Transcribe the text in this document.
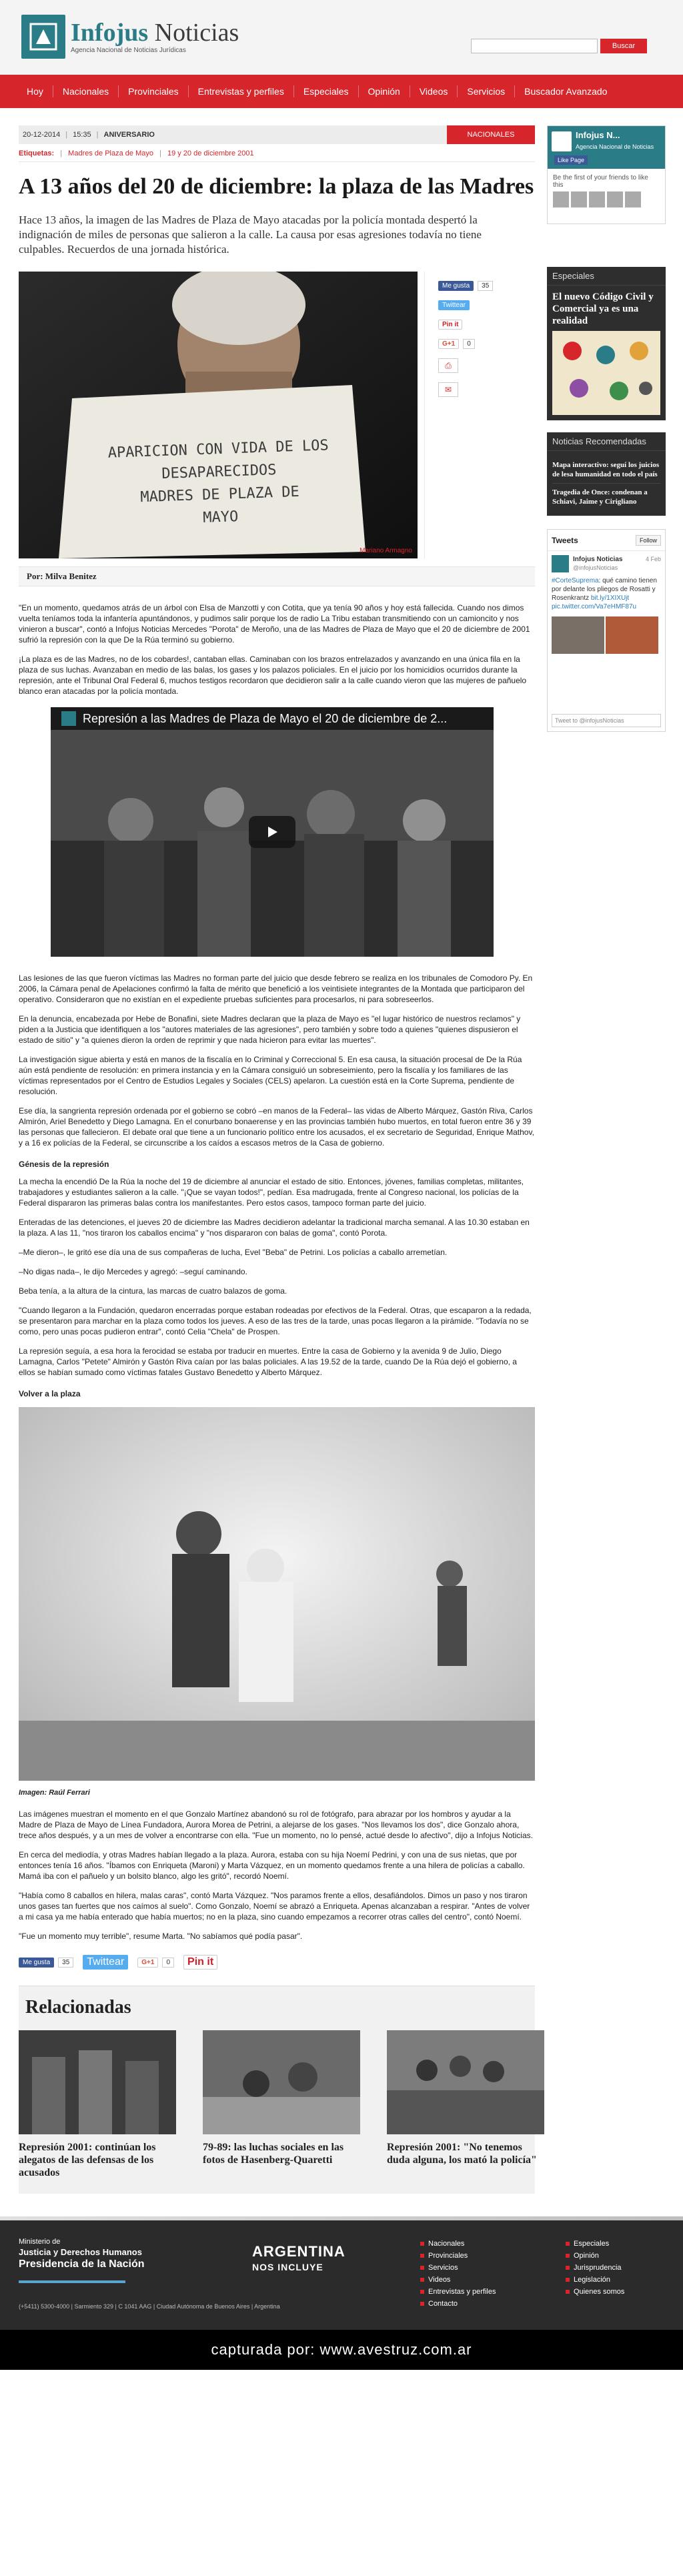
Infojus Noticias
Agencia Nacional de Noticias Jurídicas	Buscar
Hoy	Nacionales	Provinciales	Entrevistas y perfiles	Especiales	Opinión	Videos	Servicios	Buscador Avanzado
20-12-2014 | 15:35 | ANIVERSARIO	NACIONALES
Etiquetas: | Madres de Plaza de Mayo | 19 y 20 de diciembre 2001
A 13 años del 20 de diciembre: la plaza de las Madres

Hace 13 años, la imagen de las Madres de Plaza de Mayo atacadas por la policía montada despertó la indignación de miles de personas que salieron a la calle. La causa por esas agresiones todavía no tiene culpables. Recuerdos de una jornada histórica.

APARICION CON VIDA DE LOS
DESAPARECIDOS
MADRES DE PLAZA DE
MAYO
Mariano Armagno
Me gusta	35
Twittear
Pin it
G+1	0
⎙
✉
Por: Milva Benitez

"En un momento, quedamos atrás de un árbol con Elsa de Manzotti y con Cotita, que ya tenía 90 años y hoy está fallecida. Cuando nos dimos vuelta teníamos toda la infantería apuntándonos, y pudimos salir porque los de radio La Tribu estaban transmitiendo con un camioncito y nos vinieron a buscar", contó a Infojus Noticias Mercedes "Porota" de Meroño, una de las Madres de Plaza de Mayo que el 20 de diciembre de 2001 sufrió la represión con la que De la Rúa terminó su gobierno.

¡La plaza es de las Madres, no de los cobardes!, cantaban ellas. Caminaban con los brazos entrelazados y avanzando en una única fila en la plaza de sus luchas. Avanzaban en medio de las balas, los gases y los palazos policiales. En el juicio por los homicidios ocurridos durante la represión, ante el Tribunal Oral Federal 6, muchos testigos recordaron que decidieron salir a la calle cuando vieron que las mujeres de pañuelo blanco eran atacadas por la policía montada.

Represión a las Madres de Plaza de Mayo el 20 de diciembre de 2...

Las lesiones de las que fueron víctimas las Madres no forman parte del juicio que desde febrero se realiza en los tribunales de Comodoro Py. En 2006, la Cámara penal de Apelaciones confirmó la falta de mérito que benefició a los veintisiete integrantes de la Montada que participaron del operativo. Consideraron que no existían en el expediente pruebas suficientes para procesarlos, ni para sobreseerlos.

En la denuncia, encabezada por Hebe de Bonafini, siete Madres declaran que la plaza de Mayo es "el lugar histórico de nuestros reclamos" y piden a la Justicia que identifiquen a los "autores materiales de las agresiones", pero también y sobre todo a quienes "quienes dispusieron el estado de sitio" y "a quienes dieron la orden de reprimir y que nada hicieron para evitar las muertes".

La investigación sigue abierta y está en manos de la fiscalía en lo Criminal y Correccional 5. En esa causa, la situación procesal de De la Rúa aún está pendiente de resolución: en primera instancia y en la Cámara consiguió un sobreseimiento, pero la fiscalía y los familiares de las víctimas representados por el Centro de Estudios Legales y Sociales (CELS) apelaron. La cuestión está en la Corte Suprema, pendiente de resolución.

Ese día, la sangrienta represión ordenada por el gobierno se cobró –en manos de la Federal– las vidas de Alberto Márquez, Gastón Riva, Carlos Almirón, Ariel Benedetto y Diego Lamagna. En el conurbano bonaerense y en las provincias también hubo muertos, en total fueron entre 36 y 39 las personas que fallecieron. El debate oral que tiene a un funcionario político entre los acusados, el ex secretario de Seguridad, Enrique Mathov, y a 16 ex policías de la Federal, se circunscribe a los caídos a escasos metros de la Casa de gobierno.

Génesis de la represión

La mecha la encendió De la Rúa la noche del 19 de diciembre al anunciar el estado de sitio. Entonces, jóvenes, familias completas, militantes, trabajadores y estudiantes salieron a la calle. "¡Que se vayan todos!", pedían. Esa madrugada, frente al Congreso nacional, los policías de la Federal dispararon las primeras balas contra los manifestantes. Pero estos casos, tampoco forman parte del juicio.

Enteradas de las detenciones, el jueves 20 de diciembre las Madres decidieron adelantar la tradicional marcha semanal. A las 10.30 estaban en la plaza. A las 11, "nos tiraron los caballos encima" y "nos dispararon con balas de goma", contó Porota.

–Me dieron–, le gritó ese día una de sus compañeras de lucha, Evel "Beba" de Petrini. Los policías a caballo arremetían.

–No digas nada–, le dijo Mercedes y agregó: –seguí caminando.

Beba tenía, a la altura de la cintura, las marcas de cuatro balazos de goma.

"Cuando llegaron a la Fundación, quedaron encerradas porque estaban rodeadas por efectivos de la Federal. Otras, que escaparon a la redada, se presentaron para marchar en la plaza como todos los jueves. A eso de las tres de la tarde, unas pocas llegaron a la pirámide. "Todavía no se como, pero unas pocas pudieron entrar", contó Celia "Chela" de Prospen.

La represión seguía, a esa hora la ferocidad se estaba por traducir en muertes. Entre la casa de Gobierno y la avenida 9 de Julio, Diego Lamagna, Carlos "Petete" Almirón y Gastón Riva caían por las balas policiales. A las 19.52 de la tarde, cuando De la Rúa dejó el gobierno, a ellos se habían sumado como víctimas fatales Gustavo Benedetto y Alberto Márquez.

Volver a la plaza
Imagen: Raúl Ferrari

Las imágenes muestran el momento en el que Gonzalo Martínez abandonó su rol de fotógrafo, para abrazar por los hombros y ayudar a la Madre de Plaza de Mayo de Línea Fundadora, Aurora Morea de Petrini, a alejarse de los gases. "Nos llevamos los dos", dice Gonzalo ahora, trece años después, y a un mes de volver a encontrarse con ella. "Fue un momento, no lo pensé, actué desde lo afectivo", dijo a Infojus Noticias.

En cerca del mediodía, y otras Madres habían llegado a la plaza. Aurora, estaba con su hija Noemí Pedrini, y con una de sus nietas, que por entonces tenía 16 años. "Íbamos con Enriqueta (Maroni) y Marta Vázquez, en un momento quedamos frente a una hilera de policías a caballo. Mamá iba con el pañuelo y un bolsito blanco, algo les gritó", recordó Noemí.

"Había como 8 caballos en hilera, malas caras", contó Marta Vázquez. "Nos paramos frente a ellos, desafiándolos. Dimos un paso y nos tiraron unos gases tan fuertes que nos caímos al suelo". Como Gonzalo, Noemí se abrazó a Enriqueta. Apenas alcanzaban a respirar. "Antes de volver a mi casa ya me había enterado que había muertos; no en la plaza, sino cuando empezamos a recorrer otras calles del centro", contó Noemí.

"Fue un momento muy terrible", resume Marta. "No sabíamos qué podía pasar".

Me gusta	35	Twittear	G+1	0	Pin it
Relacionadas
Represión 2001: continúan los alegatos de las defensas de los acusados
79-89: las luchas sociales en las fotos de Hasenberg-Quaretti
Represión 2001: "No tenemos duda alguna, los mató la policía"
Infojus N...
Agencia Nacional de Noticias
Like Page
Be the first of your friends to like this
Especiales
El nuevo Código Civil y Comercial ya es una realidad
Noticias Recomendadas
Mapa interactivo: seguí los juicios de lesa humanidad en todo el país
Tragedia de Once: condenan a Schiavi, Jaime y Cirigliano
Tweets	Follow
Infojus Noticias	4 Feb
@infojusNoticias
#CorteSuprema: qué camino tienen por delante los pliegos de Rosatti y Rosenkrantz bit.ly/1XIXUjt pic.twitter.com/Va7eHMF87u
Tweet to @infojusNoticias
Ministerio de
Justicia y Derechos Humanos
Presidencia de la Nación
ARGENTINA
NOS INCLUYE
Nacionales
Provinciales
Servicios
Videos
Entrevistas y perfiles
Contacto
Especiales
Opinión
Jurisprudencia
Legislación
Quienes somos
(+5411) 5300-4000 | Sarmiento 329 | C 1041 AAG | Ciudad Autónoma de Buenos Aires | Argentina
capturada por: www.avestruz.com.ar
